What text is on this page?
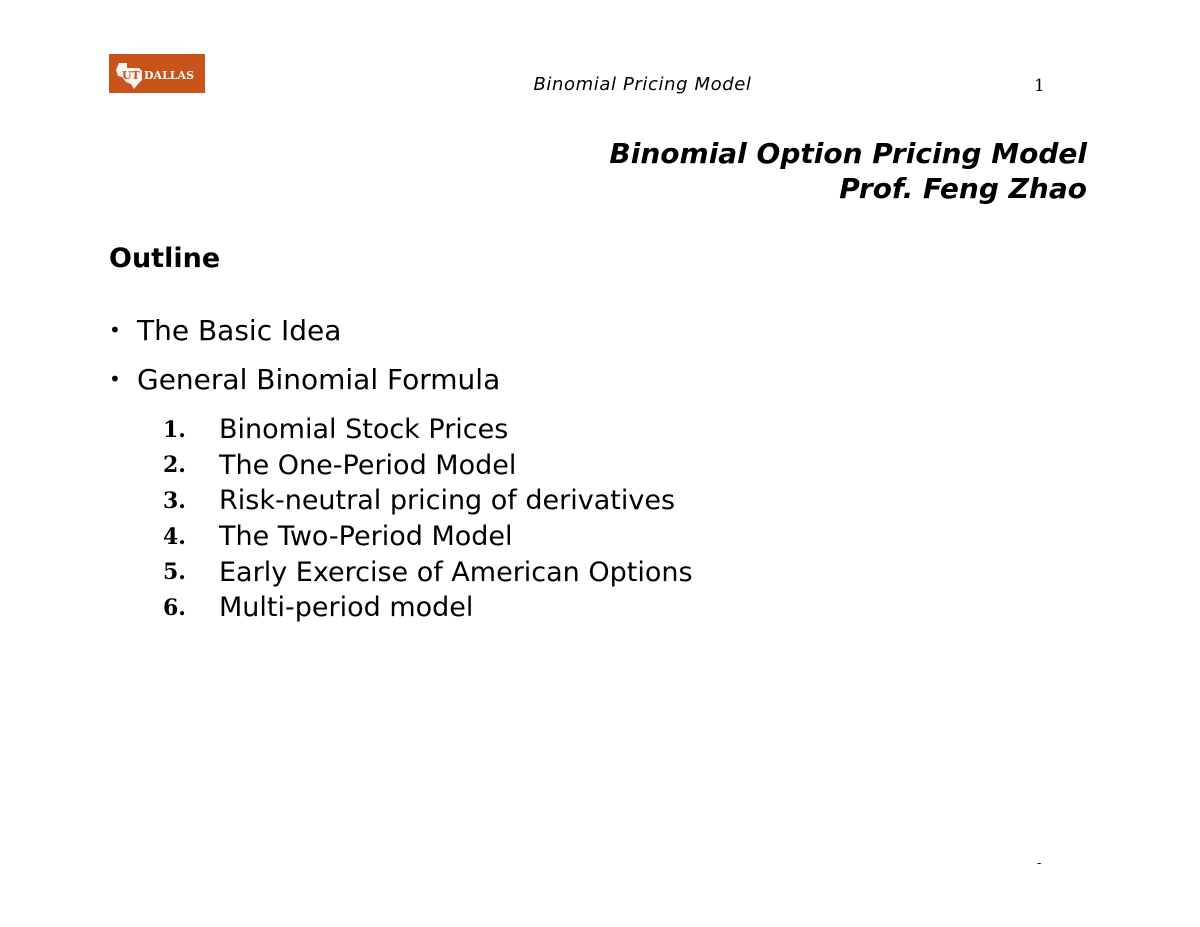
UT DALLAS	Binomial Pricing Model	1
Binomial Option Pricing Model
Prof. Feng Zhao
Outline
• The Basic Idea
• General Binomial Formula
1.	Binomial Stock Prices
2.	The One-Period Model
3.	Risk-neutral pricing of derivatives
4.	The Two-Period Model
5.	Early Exercise of American Options
6.	Multi-period model
-
